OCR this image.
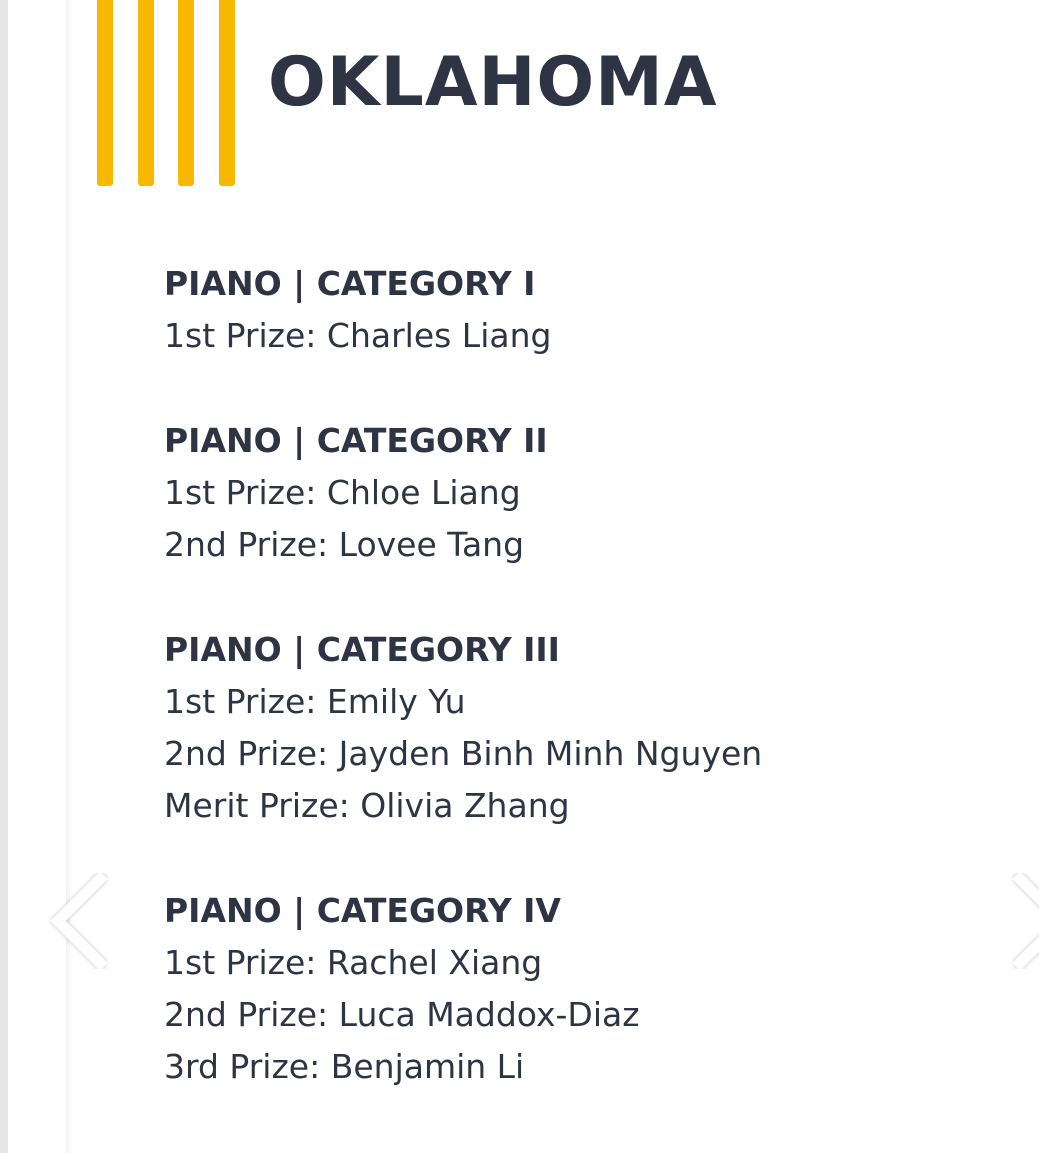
OKLAHOMA
PIANO | CATEGORY I
1st Prize: Charles Liang
PIANO | CATEGORY II
1st Prize: Chloe Liang
2nd Prize: Lovee Tang
PIANO | CATEGORY III
1st Prize: Emily Yu
2nd Prize: Jayden Binh Minh Nguyen
Merit Prize: Olivia Zhang
PIANO | CATEGORY IV
1st Prize: Rachel Xiang
2nd Prize: Luca Maddox-Diaz
3rd Prize: Benjamin Li
